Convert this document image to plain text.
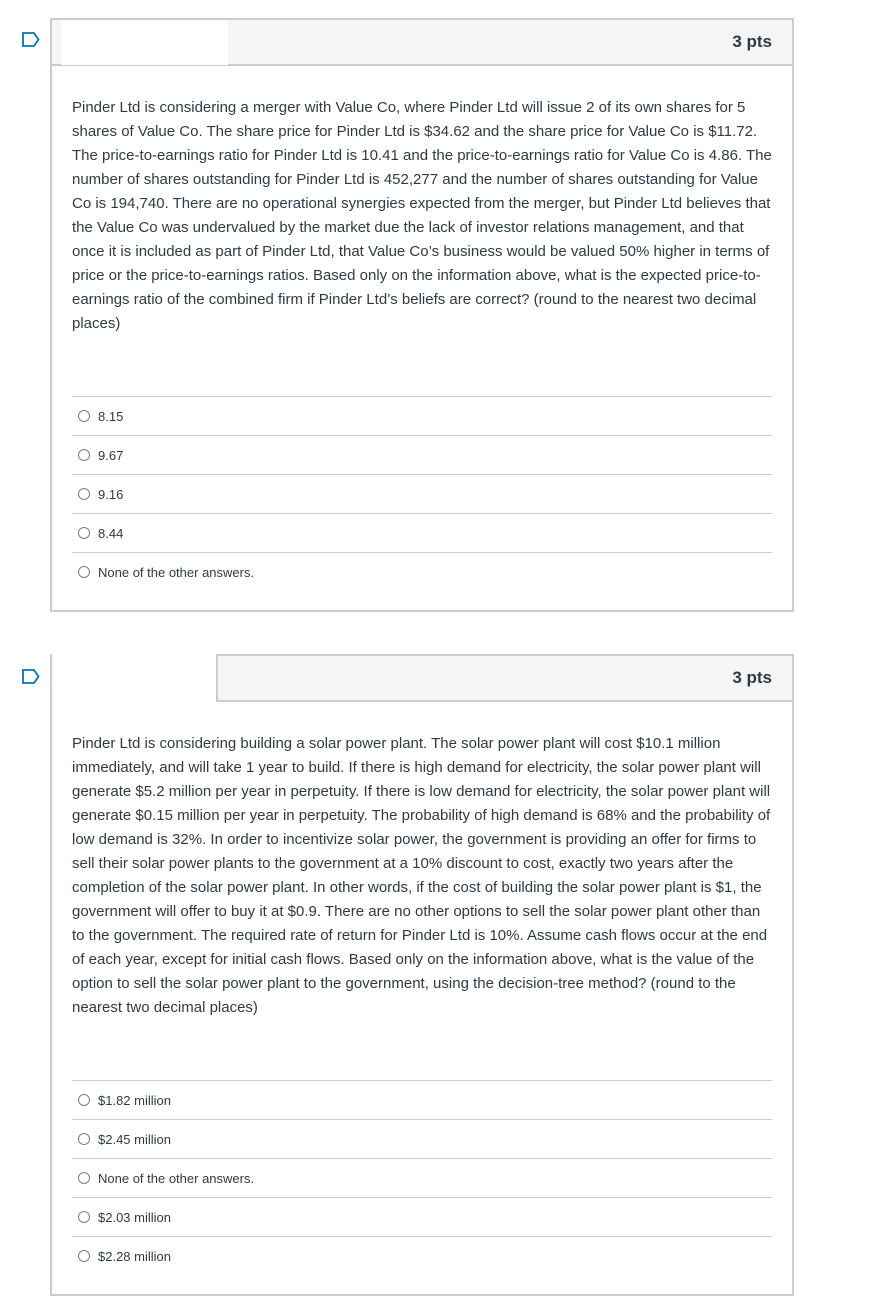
3 pts

Pinder Ltd is considering a merger with Value Co, where Pinder Ltd will issue 2 of its own shares for 5 shares of Value Co. The share price for Pinder Ltd is $34.62 and the share price for Value Co is $11.72. The price-to-earnings ratio for Pinder Ltd is 10.41 and the price-to-earnings ratio for Value Co is 4.86. The number of shares outstanding for Pinder Ltd is 452,277 and the number of shares outstanding for Value Co is 194,740. There are no operational synergies expected from the merger, but Pinder Ltd believes that the Value Co was undervalued by the market due the lack of investor relations management, and that once it is included as part of Pinder Ltd, that Value Co’s business would be valued 50% higher in terms of price or the price-to-earnings ratios. Based only on the information above, what is the expected price-to-earnings ratio of the combined firm if Pinder Ltd’s beliefs are correct? (round to the nearest two decimal places)

8.15
9.67
9.16
8.44
None of the other answers.
3 pts

Pinder Ltd is considering building a solar power plant. The solar power plant will cost $10.1 million immediately, and will take 1 year to build. If there is high demand for electricity, the solar power plant will generate $5.2 million per year in perpetuity. If there is low demand for electricity, the solar power plant will generate $0.15 million per year in perpetuity. The probability of high demand is 68% and the probability of low demand is 32%. In order to incentivize solar power, the government is providing an offer for firms to sell their solar power plants to the government at a 10% discount to cost, exactly two years after the completion of the solar power plant. In other words, if the cost of building the solar power plant is $1, the government will offer to buy it at $0.9. There are no other options to sell the solar power plant other than to the government. The required rate of return for Pinder Ltd is 10%. Assume cash flows occur at the end of each year, except for initial cash flows. Based only on the information above, what is the value of the option to sell the solar power plant to the government, using the decision-tree method? (round to the nearest two decimal places)

$1.82 million
$2.45 million
None of the other answers.
$2.03 million
$2.28 million
